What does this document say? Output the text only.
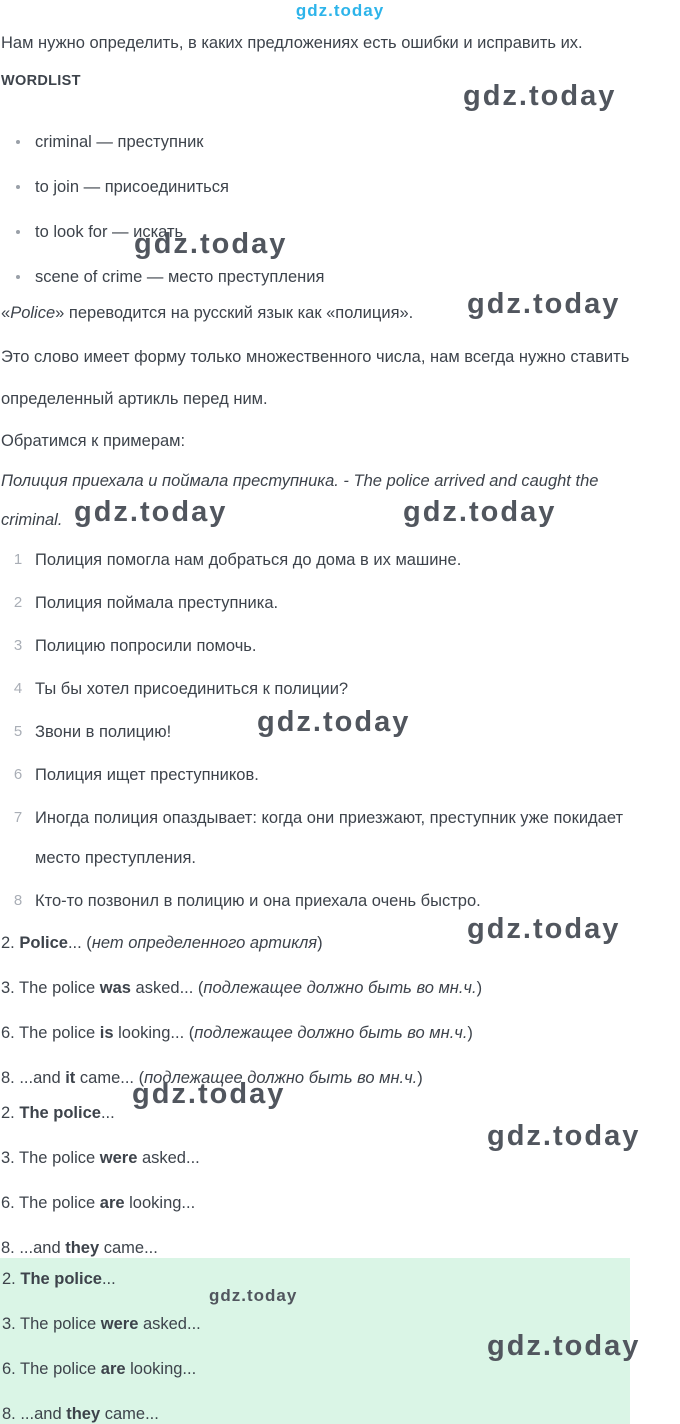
gdz.today

Нам нужно определить, в каких предложениях есть ошибки и исправить их.

WORDLIST
criminal — преступник
to join — присоединиться
to look for — искать
scene of crime — место преступления

«Police» переводится на русский язык как «полиция».

Это слово имеет форму только множественного числа, нам всегда нужно ставить определенный артикль перед ним.

Обратимся к примерам:

Полиция приехала и поймала преступника. - The police arrived and caught the criminal.

1 Полиция помогла нам добраться до дома в их машине.
2 Полиция поймала преступника.
3 Полицию попросили помочь.
4 Ты бы хотел присоединиться к полиции?
5 Звони в полицию!
6 Полиция ищет преступников.
7 Иногда полиция опаздывает: когда они приезжают, преступник уже покидает место преступления.
8 Кто-то позвонил в полицию и она приехала очень быстро.

2. Police... (нет определенного артикля)

3. The police was asked... (подлежащее должно быть во мн.ч.)

6. The police is looking... (подлежащее должно быть во мн.ч.)

8. ...and it came... (подлежащее должно быть во мн.ч.)

2. The police...

3. The police were asked...

6. The police are looking...

8. ...and they came...

2. The police...

3. The police were asked...

6. The police are looking...

8. ...and they came...

gdz.today
gdz.today
gdz.today
gdz.today	gdz.today
gdz.today
gdz.today
gdz.today
gdz.today
gdz.today
gdz.today
